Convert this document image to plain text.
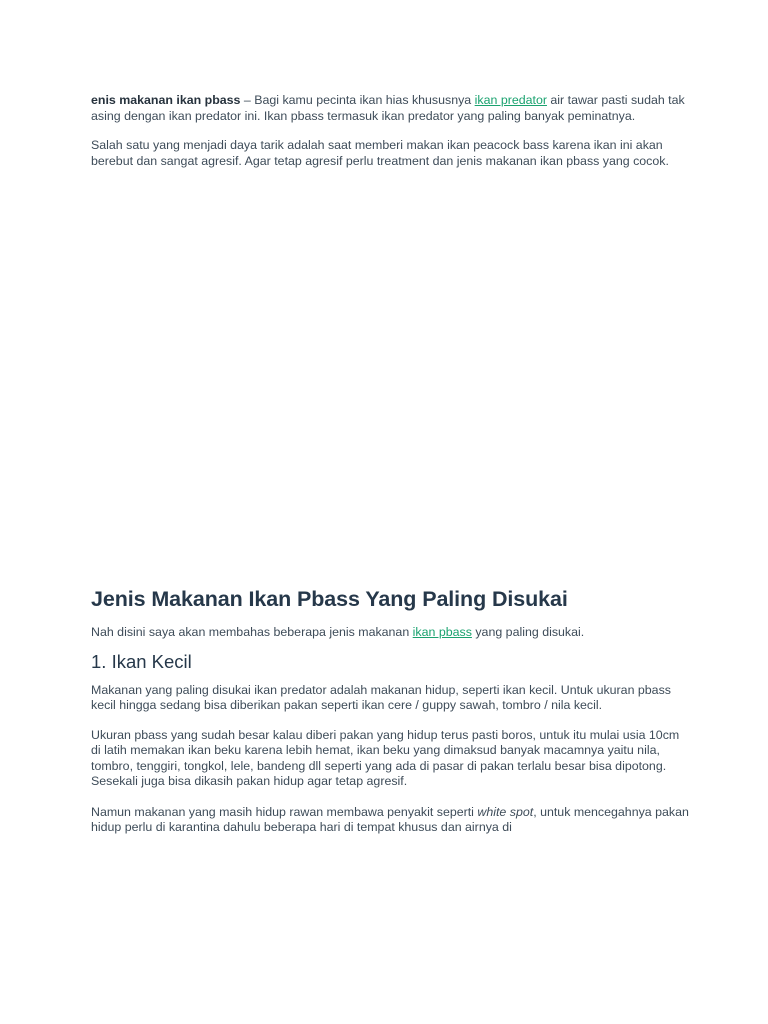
enis makanan ikan pbass – Bagi kamu pecinta ikan hias khususnya ikan predator air tawar pasti sudah tak asing dengan ikan predator ini. Ikan pbass termasuk ikan predator yang paling banyak peminatnya.

Salah satu yang menjadi daya tarik adalah saat memberi makan ikan peacock bass karena ikan ini akan berebut dan sangat agresif. Agar tetap agresif perlu treatment dan jenis makanan ikan pbass yang cocok.

Jenis Makanan Ikan Pbass Yang Paling Disukai

Nah disini saya akan membahas beberapa jenis makanan ikan pbass yang paling disukai.

1. Ikan Kecil

Makanan yang paling disukai ikan predator adalah makanan hidup, seperti ikan kecil. Untuk ukuran pbass kecil hingga sedang bisa diberikan pakan seperti ikan cere / guppy sawah, tombro / nila kecil.

Ukuran pbass yang sudah besar kalau diberi pakan yang hidup terus pasti boros, untuk itu mulai usia 10cm di latih memakan ikan beku karena lebih hemat, ikan beku yang dimaksud banyak macamnya yaitu nila, tombro, tenggiri, tongkol, lele, bandeng dll seperti yang ada di pasar di pakan terlalu besar bisa dipotong. Sesekali juga bisa dikasih pakan hidup agar tetap agresif.

Namun makanan yang masih hidup rawan membawa penyakit seperti white spot, untuk mencegahnya pakan hidup perlu di karantina dahulu beberapa hari di tempat khusus dan airnya di
